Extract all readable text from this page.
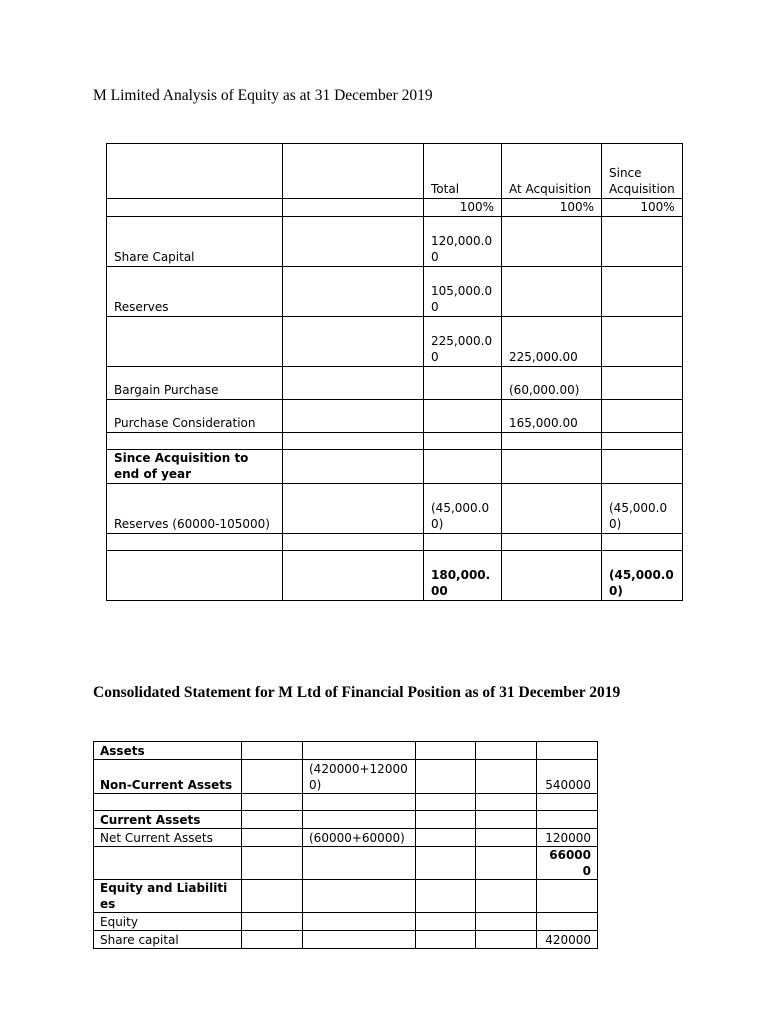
M Limited Analysis of Equity as at 31 December 2019
		Total	At Acquisition	Since Acquisition
		100%	100%	100%
Share Capital		120,000.00		
Reserves		105,000.00		
		225,000.00	225,000.00	
Bargain Purchase			(60,000.00)	
Purchase Consideration			165,000.00	

Since Acquisition to end of year				
Reserves (60000-105000)		(45,000.00)		(45,000.00)

		180,000.00		(45,000.00)
Consolidated Statement for M Ltd of Financial Position as of 31 December 2019
Assets					
Non-Current Assets		(420000+120000)			540000

Current Assets					
Net Current Assets		(60000+60000)			120000
					660000
Equity and Liabilities					
Equity					
Share capital					420000
